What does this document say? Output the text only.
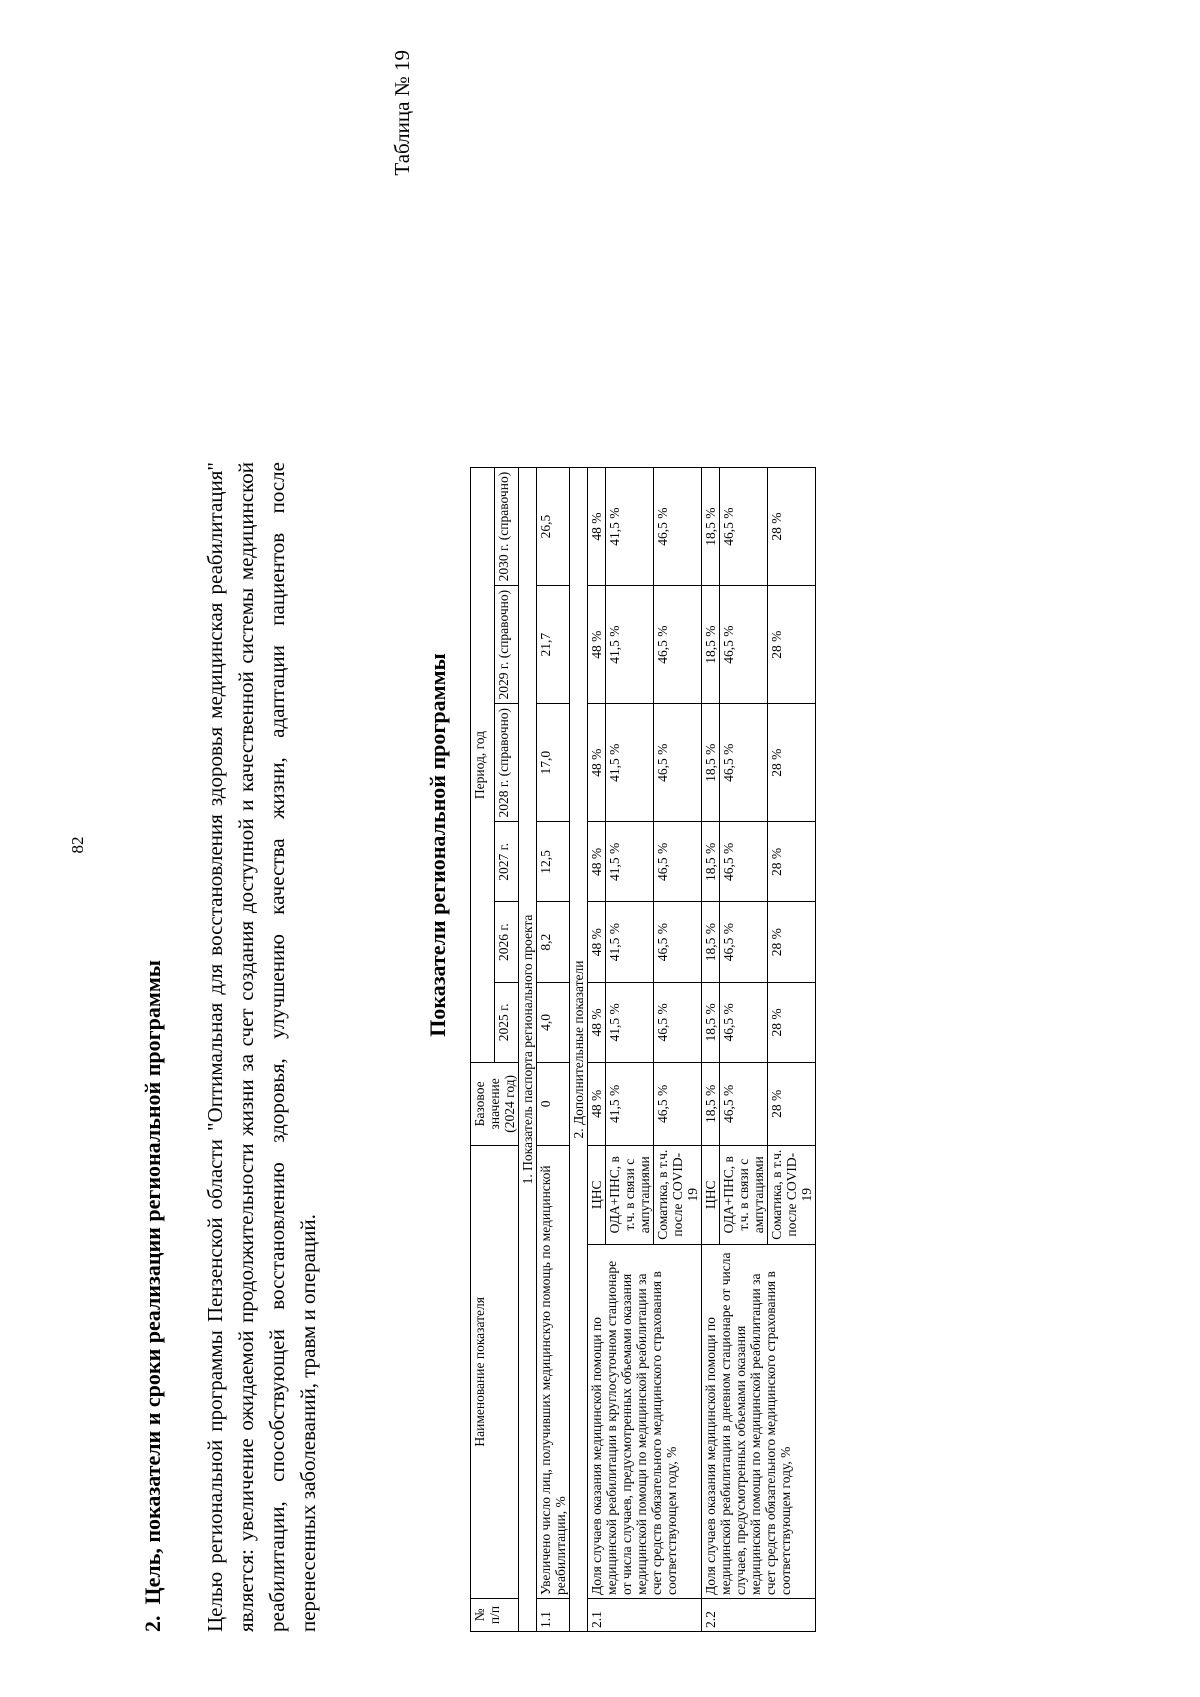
82
2.  Цель, показатели и сроки реализации региональной программы Целью региональной программы Пензенской области "Оптимальная для восстановления здоровья медицинская реабилитация" является: увеличение ожидаемой продолжительности жизни за счет создания доступной и качественной системы медицинской реабилитации, способствующей восстановлению здоровья, улучшению качества жизни, адаптации пациентов после перенесенных заболеваний, травм и операций.

Таблица № 19
Показатели региональной программы
№ п/п	Наименование показателя		Базовое значение (2024 год)	Период, год					
				2025 г.	2026 г.	2027 г.	2028 г. (справочно)	2029 г. (справочно)	2030 г. (справочно)
1. Показатель паспорта регионального проекта									
1.1	Увеличено число лиц, получивших медицинскую помощь по медицинской реабилитации, %		0	4,0	8,2	12,5	17,0	21,7	26,5
2. Дополнительные показатели									
2.1	Доля случаев оказания медицинской помощи по медицинской реабилитации в круглосуточном стационаре от числа случаев, предусмотренных объемами оказания медицинской помощи по медицинской реабилитации за счет средств обязательного медицинского страхования в соответствующем году, %	ЦНС	48 %	48 %	48 %	48 %	48 %	48 %	48 %
		ОДА+ПНС, в т.ч. в связи с ампутациями	41,5 %	41,5 %	41,5 %	41,5 %	41,5 %	41,5 %	41,5 %
		Соматика, в т.ч. после COVID-19	46,5 %	46,5 %	46,5 %	46,5 %	46,5 %	46,5 %	46,5 %
2.2	Доля случаев оказания медицинской помощи по медицинской реабилитации в дневном стационаре от числа случаев, предусмотренных объемами оказания медицинской помощи по медицинской реабилитации за счет средств обязательного медицинского страхования в соответствующем году, %	ЦНС	18,5 %	18,5 %	18,5 %	18,5 %	18,5 %	18,5 %	18,5 %
		ОДА+ПНС, в т.ч. в связи с ампутациями	46,5 %	46,5 %	46,5 %	46,5 %	46,5 %	46,5 %	46,5 %
		Соматика, в т.ч. после COVID-19	28 %	28 %	28 %	28 %	28 %	28 %	28 %
